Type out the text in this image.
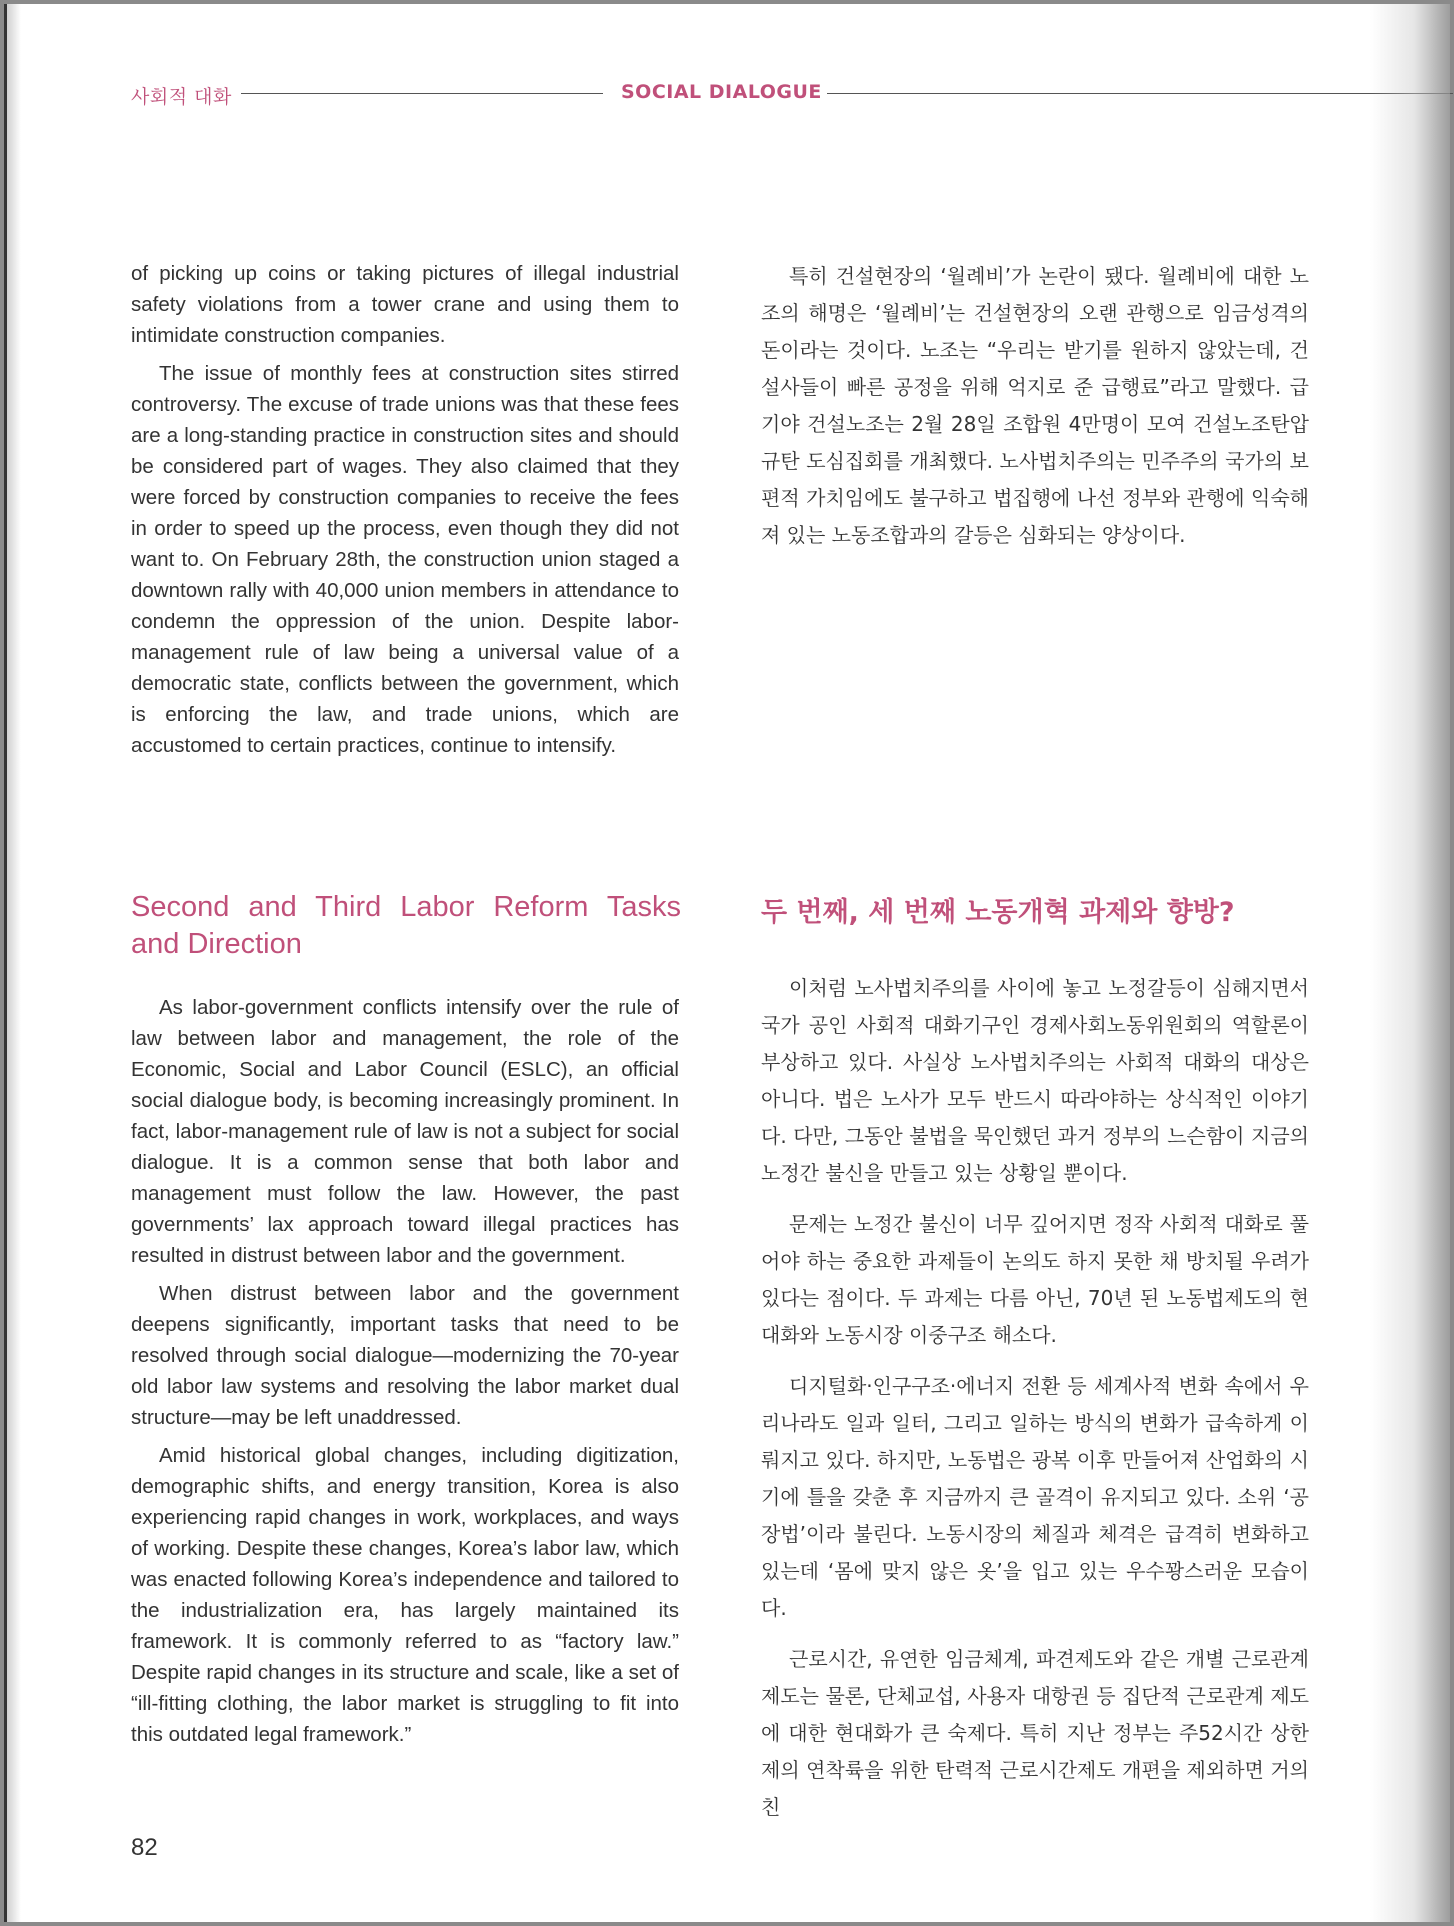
사회적 대화	SOCIAL DIALOGUE

of picking up coins or taking pictures of illegal industrial safety violations from a tower crane and using them to intimidate construction companies.

The issue of monthly fees at construction sites stirred controversy. The excuse of trade unions was that these fees are a long-standing practice in construction sites and should be considered part of wages. They also claimed that they were forced by construction companies to receive the fees in order to speed up the process, even though they did not want to. On February 28th, the construction union staged a downtown rally with 40,000 union members in attendance to condemn the oppression of the union. Despite labor-management rule of law being a universal value of a democratic state, conflicts between the government, which is enforcing the law, and trade unions, which are accustomed to certain practices, continue to intensify.

특히 건설현장의 ‘월례비’가 논란이 됐다. 월례비에 대한 노조의 해명은 ‘월례비’는 건설현장의 오랜 관행으로 임금성격의 돈이라는 것이다. 노조는 “우리는 받기를 원하지 않았는데, 건설사들이 빠른 공정을 위해 억지로 준 급행료”라고 말했다. 급기야 건설노조는 2월 28일 조합원 4만명이 모여 건설노조탄압 규탄 도심집회를 개최했다. 노사법치주의는 민주주의 국가의 보편적 가치임에도 불구하고 법집행에 나선 정부와 관행에 익숙해져 있는 노동조합과의 갈등은 심화되는 양상이다.

Second and Third Labor Reform Tasks and Direction
두 번째, 세 번째 노동개혁 과제와 향방?

As labor-government conflicts intensify over the rule of law between labor and management, the role of the Economic, Social and Labor Council (ESLC), an official social dialogue body, is becoming increasingly prominent. In fact, labor-management rule of law is not a subject for social dialogue. It is a common sense that both labor and management must follow the law. However, the past governments’ lax approach toward illegal practices has resulted in distrust between labor and the government.

When distrust between labor and the government deepens significantly, important tasks that need to be resolved through social dialogue—modernizing the 70-year old labor law systems and resolving the labor market dual structure—may be left unaddressed.

Amid historical global changes, including digitization, demographic shifts, and energy transition, Korea is also experiencing rapid changes in work, workplaces, and ways of working. Despite these changes, Korea’s labor law, which was enacted following Korea’s independence and tailored to the industrialization era, has largely maintained its framework. It is commonly referred to as “factory law.” Despite rapid changes in its structure and scale, like a set of “ill-fitting clothing, the labor market is struggling to fit into this outdated legal framework.”

이처럼 노사법치주의를 사이에 놓고 노정갈등이 심해지면서 국가 공인 사회적 대화기구인 경제사회노동위원회의 역할론이 부상하고 있다. 사실상 노사법치주의는 사회적 대화의 대상은 아니다. 법은 노사가 모두 반드시 따라야하는 상식적인 이야기다. 다만, 그동안 불법을 묵인했던 과거 정부의 느슨함이 지금의 노정간 불신을 만들고 있는 상황일 뿐이다.

문제는 노정간 불신이 너무 깊어지면 정작 사회적 대화로 풀어야 하는 중요한 과제들이 논의도 하지 못한 채 방치될 우려가 있다는 점이다. 두 과제는 다름 아닌, 70년 된 노동법제도의 현대화와 노동시장 이중구조 해소다.

디지털화·인구구조·에너지 전환 등 세계사적 변화 속에서 우리나라도 일과 일터, 그리고 일하는 방식의 변화가 급속하게 이뤄지고 있다. 하지만, 노동법은 광복 이후 만들어져 산업화의 시기에 틀을 갖춘 후 지금까지 큰 골격이 유지되고 있다. 소위 ‘공장법’이라 불린다. 노동시장의 체질과 체격은 급격히 변화하고 있는데 ‘몸에 맞지 않은 옷’을 입고 있는 우수꽝스러운 모습이다.

근로시간, 유연한 임금체계, 파견제도와 같은 개별 근로관계 제도는 물론, 단체교섭, 사용자 대항권 등 집단적 근로관계 제도에 대한 현대화가 큰 숙제다. 특히 지난 정부는 주52시간 상한제의 연착륙을 위한 탄력적 근로시간제도 개편을 제외하면 거의 친

82
